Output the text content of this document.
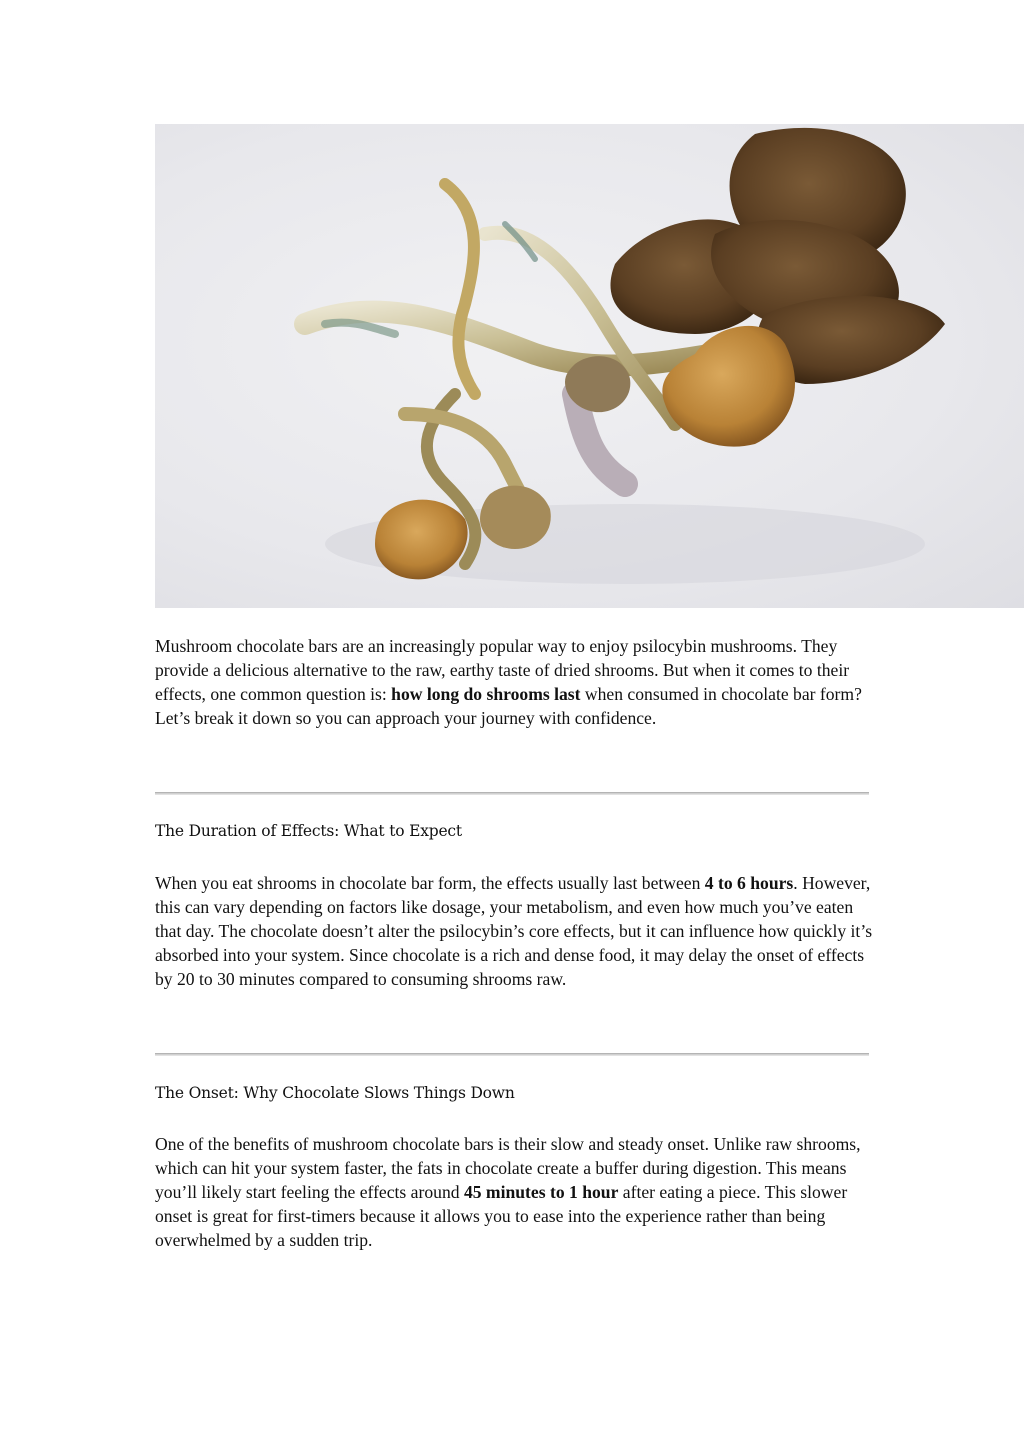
Mushroom chocolate bars are an increasingly popular way to enjoy psilocybin mushrooms. They provide a delicious alternative to the raw, earthy taste of dried shrooms. But when it comes to their effects, one common question is: how long do shrooms last when consumed in chocolate bar form? Let’s break it down so you can approach your journey with confidence.

The Duration of Effects: What to Expect

When you eat shrooms in chocolate bar form, the effects usually last between 4 to 6 hours. However, this can vary depending on factors like dosage, your metabolism, and even how much you’ve eaten that day. The chocolate doesn’t alter the psilocybin’s core effects, but it can influence how quickly it’s absorbed into your system. Since chocolate is a rich and dense food, it may delay the onset of effects by 20 to 30 minutes compared to consuming shrooms raw.

The Onset: Why Chocolate Slows Things Down

One of the benefits of mushroom chocolate bars is their slow and steady onset. Unlike raw shrooms, which can hit your system faster, the fats in chocolate create a buffer during digestion. This means you’ll likely start feeling the effects around 45 minutes to 1 hour after eating a piece. This slower onset is great for first-timers because it allows you to ease into the experience rather than being overwhelmed by a sudden trip.
